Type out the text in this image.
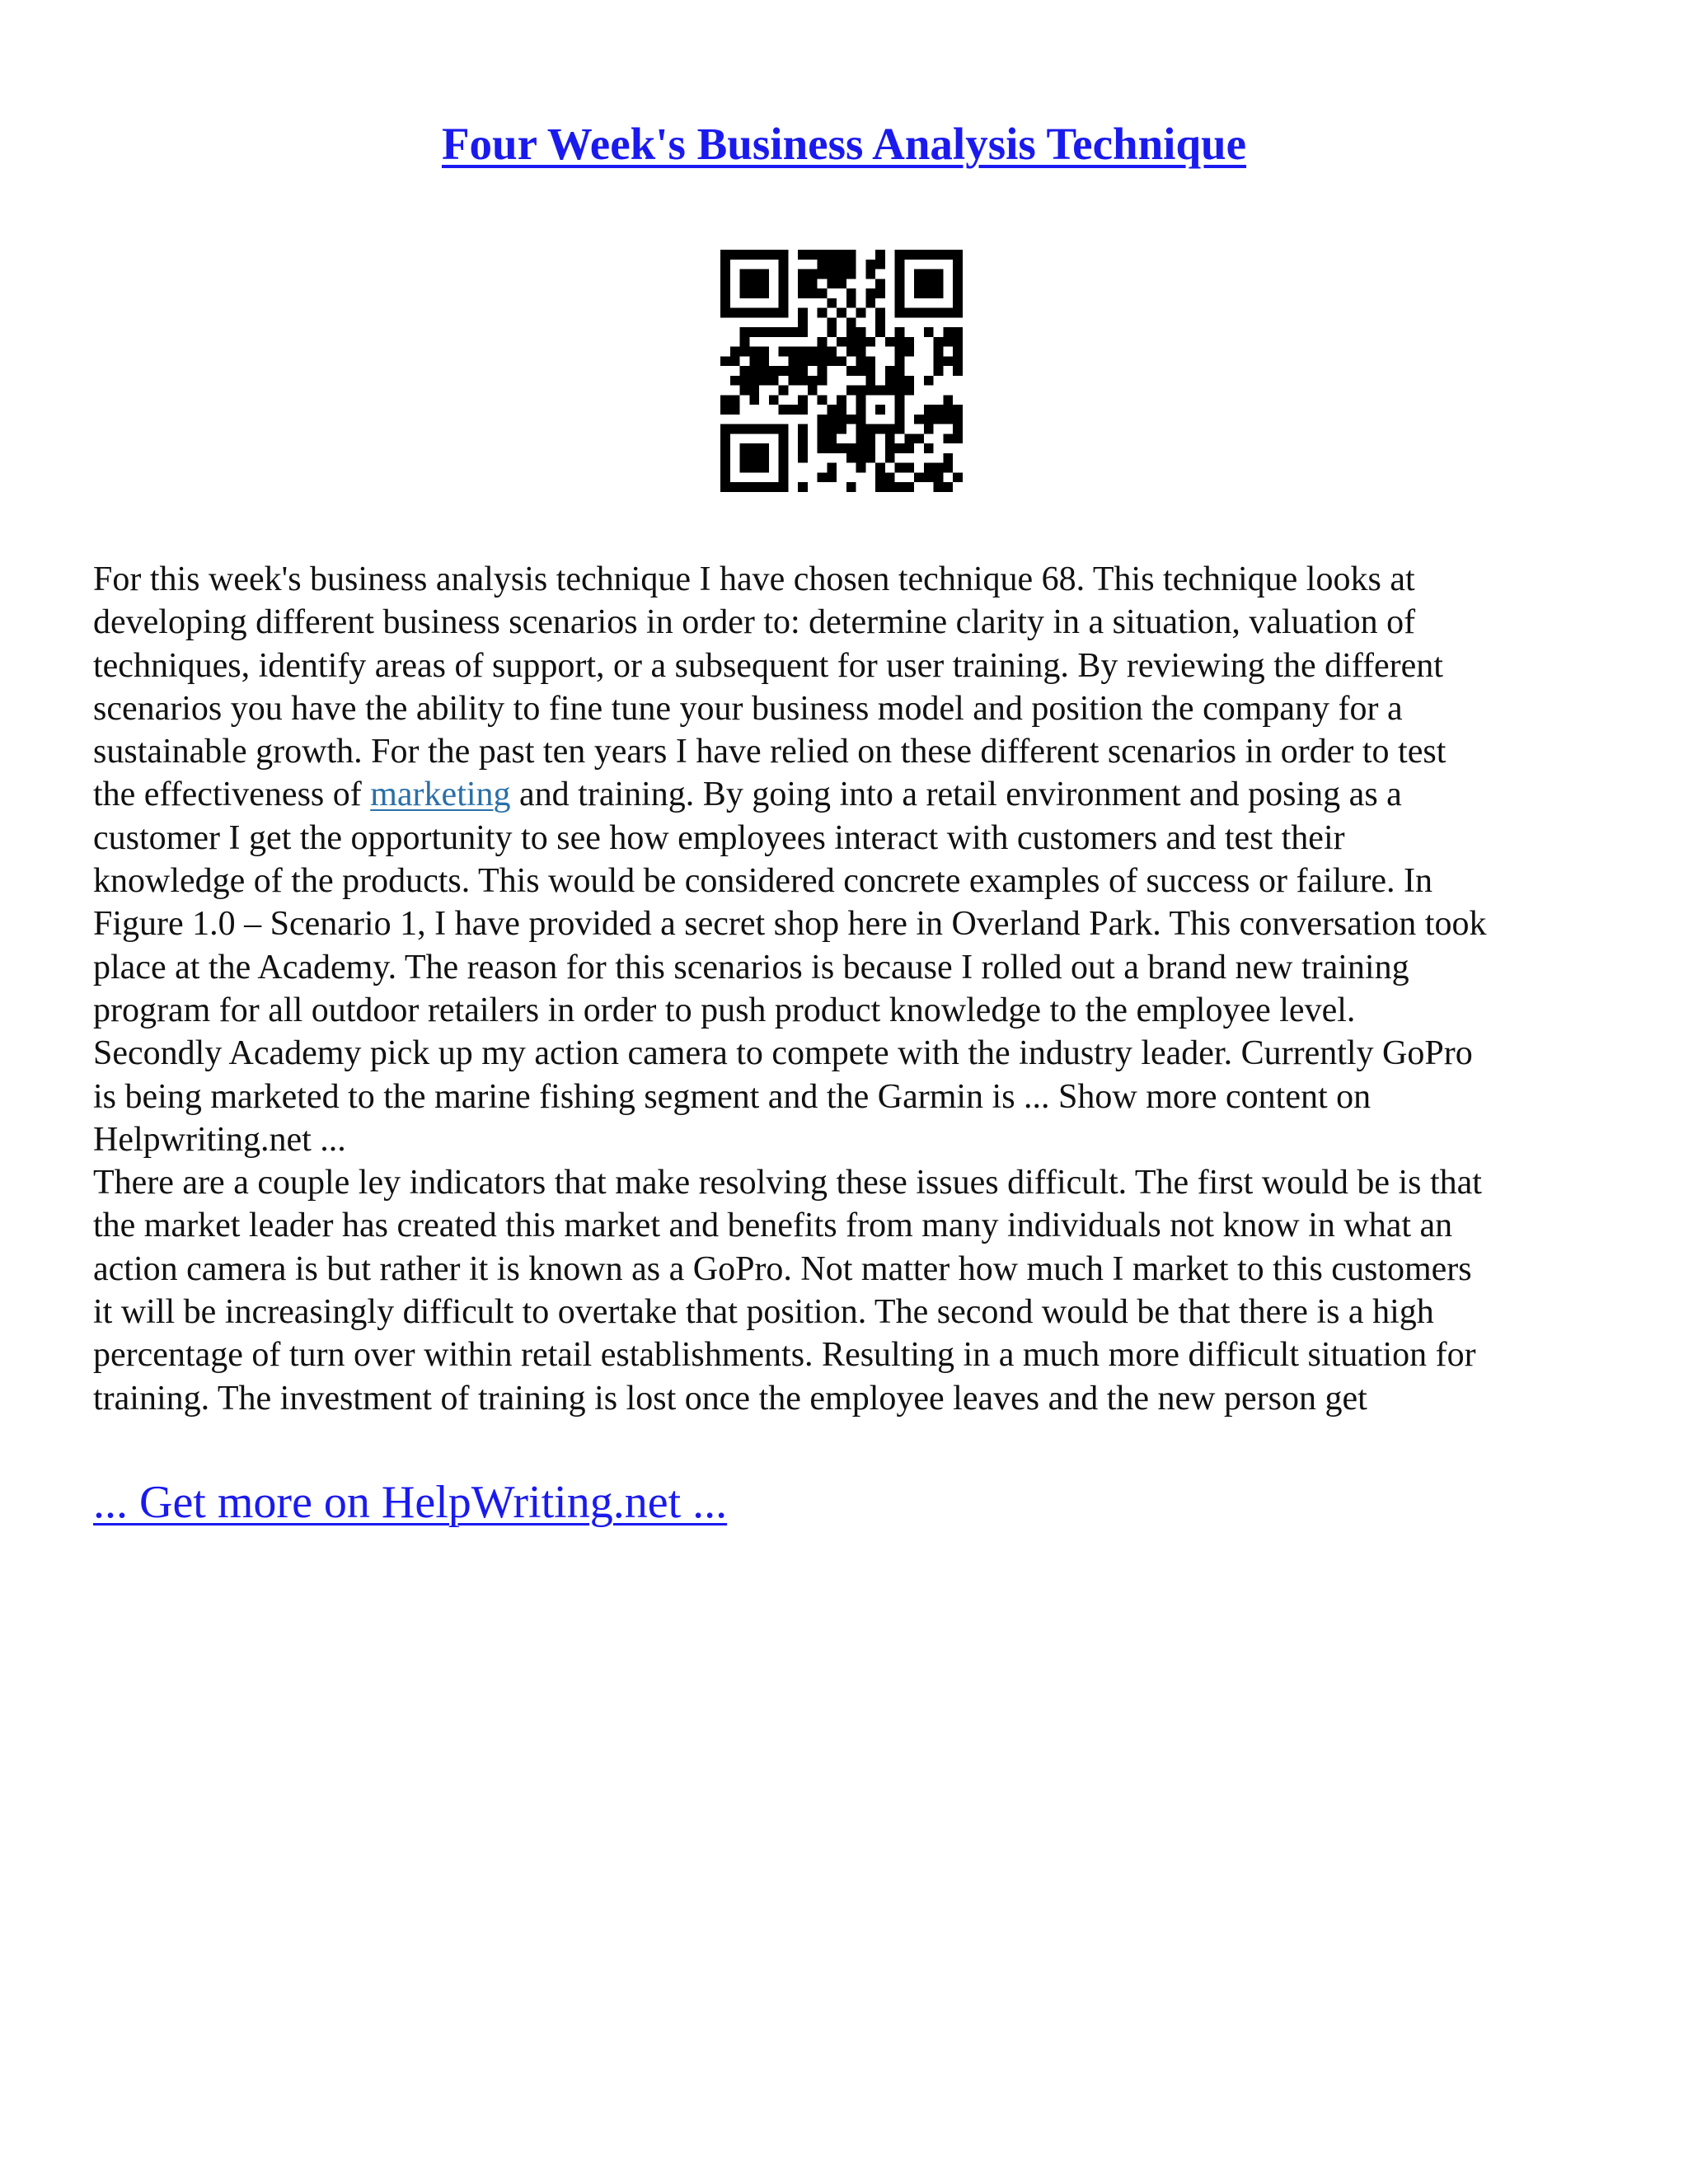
Four Week's Business Analysis Technique
For this week's business analysis technique I have chosen technique 68. This technique looks at
developing different business scenarios in order to: determine clarity in a situation, valuation of
techniques, identify areas of support, or a subsequent for user training. By reviewing the different
scenarios you have the ability to fine tune your business model and position the company for a
sustainable growth. For the past ten years I have relied on these different scenarios in order to test
the effectiveness of marketing and training. By going into a retail environment and posing as a
customer I get the opportunity to see how employees interact with customers and test their
knowledge of the products. This would be considered concrete examples of success or failure. In
Figure 1.0 – Scenario 1, I have provided a secret shop here in Overland Park. This conversation took
place at the Academy. The reason for this scenarios is because I rolled out a brand new training
program for all outdoor retailers in order to push product knowledge to the employee level.
Secondly Academy pick up my action camera to compete with the industry leader. Currently GoPro
is being marketed to the marine fishing segment and the Garmin is ... Show more content on
Helpwriting.net ...
There are a couple ley indicators that make resolving these issues difficult. The first would be is that
the market leader has created this market and benefits from many individuals not know in what an
action camera is but rather it is known as a GoPro. Not matter how much I market to this customers
it will be increasingly difficult to overtake that position. The second would be that there is a high
percentage of turn over within retail establishments. Resulting in a much more difficult situation for
training. The investment of training is lost once the employee leaves and the new person get
... Get more on HelpWriting.net ...
